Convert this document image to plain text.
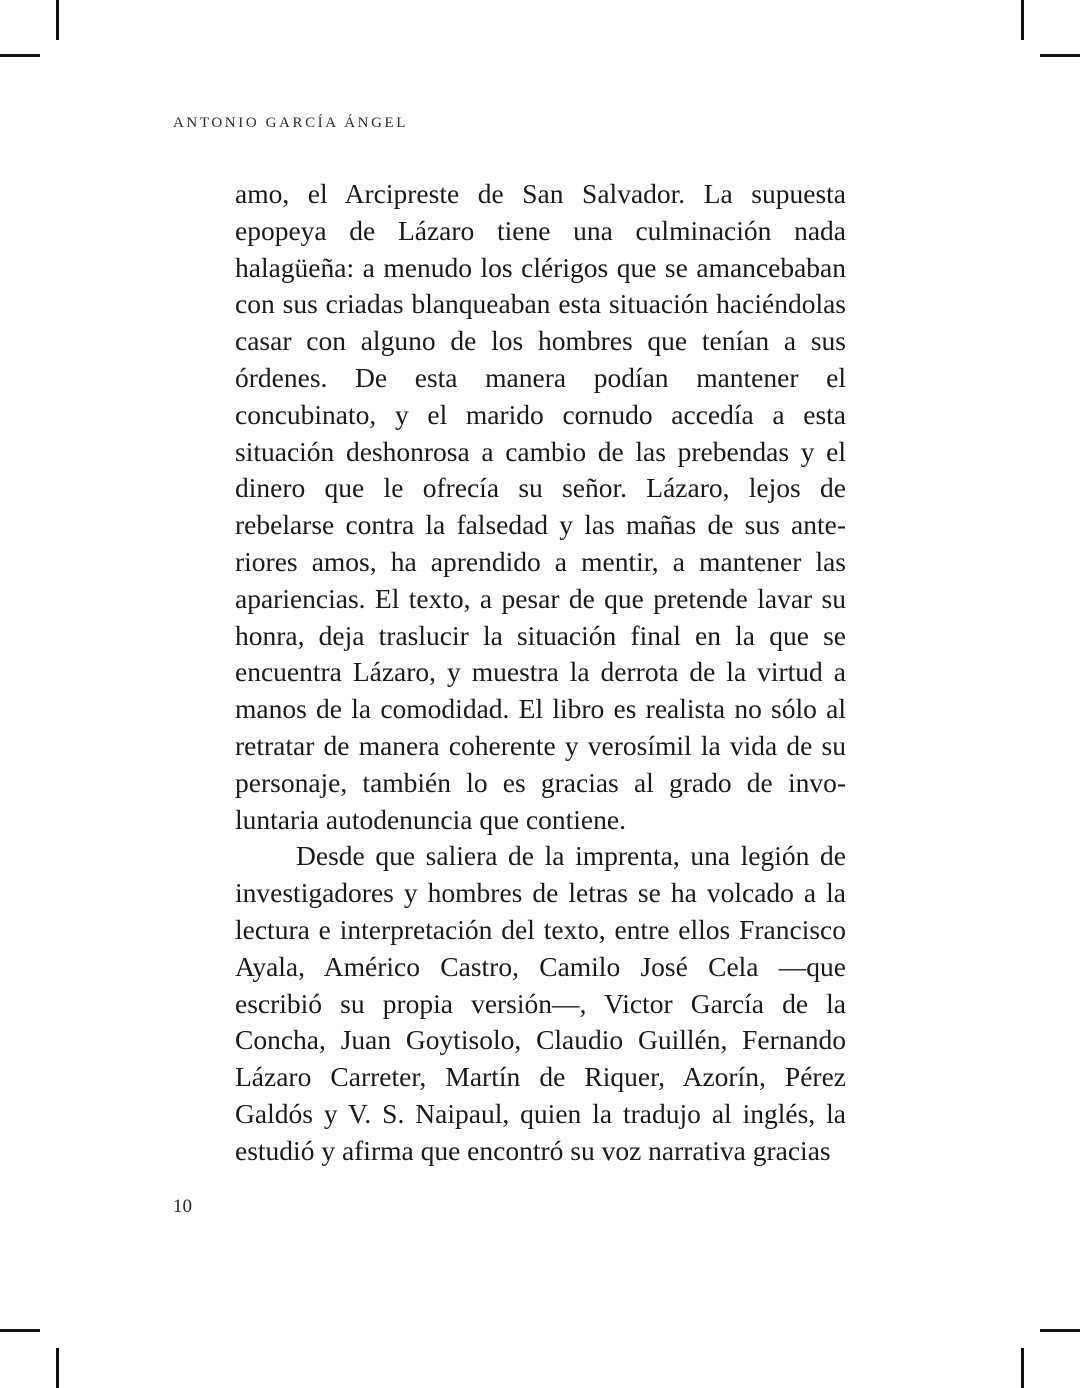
ANTONIO GARCÍA ÁNGEL

amo, el Arcipreste de San Salvador. La supuesta epopeya de Lázaro tiene una culminación nada halagüeña: a menudo los clérigos que se amancebaban con sus criadas blanqueaban esta situación haciéndolas casar con alguno de los hombres que tenían a sus órdenes. De esta manera podían mantener el concubinato, y el marido cornudo accedía a esta situación deshonrosa a cambio de las prebendas y el dinero que le ofrecía su señor. Lázaro, lejos de rebelarse contra la falsedad y las mañas de sus anteriores amos, ha aprendido a mentir, a mantener las apariencias. El texto, a pesar de que pretende lavar su honra, deja traslucir la situación final en la que se encuentra Lázaro, y muestra la derrota de la virtud a manos de la comodidad. El libro es realista no sólo al retratar de manera coherente y verosímil la vida de su personaje, también lo es gracias al grado de involuntaria autodenuncia que contiene.

Desde que saliera de la imprenta, una legión de investigadores y hombres de letras se ha volcado a la lectura e interpretación del texto, entre ellos Francisco Ayala, Américo Castro, Camilo José Cela —que escribió su propia versión—, Victor García de la Concha, Juan Goytisolo, Claudio Guillén, Fernando Lázaro Carreter, Martín de Riquer, Azorín, Pérez Galdós y V. S. Naipaul, quien la tradujo al inglés, la estudió y afirma que encontró su voz narrativa gracias

10
